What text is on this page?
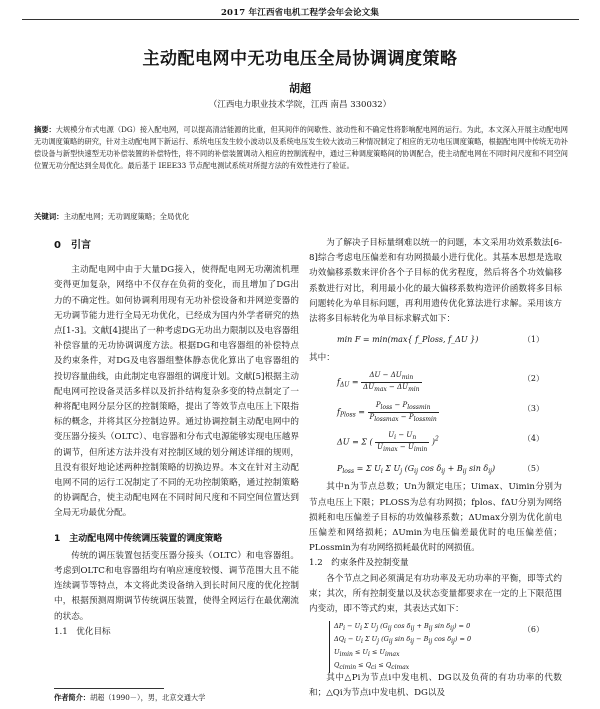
2017 年江西省电机工程学会年会论文集
主动配电网中无功电压全局协调调度策略
胡超
（江西电力职业技术学院，江西 南昌 330032）
摘要：大规模分布式电源（DG）接入配电网，可以提高清洁能源的比重，但其间伴的间歇性、波动性和不确定性将影响配电网的运行。为此，本文深入开展主动配电网无功调度策略的研究，针对主动配电网下新运行、系统电压发生较小波动以及系统电压发生较大波动三种情况制定了相应的无功电压调度策略，根据配电网中传统无功补偿设备与新型快速型无功补偿装置的补偿特性，将不同的补偿装置调动入相应的控制流程中，通过三种调度策略间的协调配合，使主动配电网在不同时间尺度和不同空间位置无功分配达到全局优化。最后基于 IEEE33 节点配电测试系统对所提方法的有效性进行了验证。
关键词：主动配电网；无功调度策略；全局优化
0　引言

主动配电网中由于大量DG接入，使得配电网无功潮流机理变得更加复杂，网络中不仅存在负荷的变化，而且增加了DG出力的不确定性。如何协调利用现有无功补偿设备和并网逆变器的无功调节能力进行全局无功优化，已经成为国内外学者研究的热点[1-3]。文献[4]提出了一种考虑DG无功出力限制以及电容器组补偿容量的无功协调调度方法。根据DG和电容器组的补偿特点及约束条件，对DG及电容器组整体静态优化算出了电容器组的投切容量曲线，由此制定电容器组的调度计划。文献[5]根据主动配电网可控设备灵活多样以及折扑结构复杂多变的特点制定了一种将配电网分层分区的控制策略，提出了等效节点电压上下限指标的概念，并将其区分控制边界。通过协调控制主动配电网中的变压器分接头（OLTC）、电容器和分布式电源能够实现电压越界的调节，但所述方法并没有对控制区域的划分阐述详细的规则，且没有很好地论述两种控制策略的切换边界。本文在针对主动配电网不同的运行工况制定了不同的无功控制策略，通过控制策略的协调配合，使主动配电网在不同时间尺度和不同空间位置达到全局无功最优分配。

1　主动配电网中传统调压装置的调度策略

传统的调压装置包括变压器分接头（OLTC）和电容器组。考虑到OLTC和电容器组均有响应速度较慢、调节范围大且不能连续调节等特点，本文将此类设备纳入到长时间尺度的优化控制中，根据预测周期调节传统调压装置，使得全网运行在最优潮流的状态。

1.1　优化目标

为了解决子目标量纲难以统一的问题，本文采用功效系数法[6-8]综合考虑电压偏差和有功网损最小进行优化。其基本思想是选取功效偏移系数来评价各个子目标的优劣程度，然后将各个功效偏移系数进行对比，利用最小化的最大偏移系数构造评价函数将多目标问题转化为单目标问题，再利用遗传优化算法进行求解。采用该方法将多目标转化为单目标求解式如下：

min F = min(max{ f_Ploss, f_ΔU })	（1）

其中：

$f_{\Delta U} = \frac{\Delta U - \Delta Umin}{\Delta Umax - \Delta Umin}$	（2）
$f_{Ploss} = \frac{\text{Ploss − Plossmin}}{\text{Plossmax − Plossmin}}$	（3）
ΔU = Σ ( $\frac{Ui - Un}{Uimax - Uimin} )^2$	（4）
$P_{loss} = \Sigma$ $U_i$ Σ $U_j$ ($G_{ij}$ $\cos \delta_{ij} + B_{ij}$ $\sin \delta_{ij}$)	（5）

其中n为节点总数；Un为额定电压；Uimax、Uimin分别为节点电压上下限；PLOSS为总有功网损；fplos、fΔU分别为网络损耗和电压偏差子目标的功效偏移系数；ΔUmax分别为优化前电压偏差和网络损耗；ΔUmin为电压偏差最优时的电压偏差值；PLossmin为有功网络损耗最优时的网损值。

1.2　约束条件及控制变量

各个节点之间必须满足有功功率及无功功率的平衡，即等式约束；其次，所有控制变量以及状态变量都要求在一定的上下限范围内变动，即不等式约束，其表达式如下：

ΔPi − Ui Σ Uj (Gij cos δij + Bij sin δij) = 0
ΔQi − Ui Σ Uj (Gij sin δij − Bij cos δij) = 0
Uimin ≤ Ui ≤ Uimax
Qcimin ≤ Qci ≤ Qcimax
（6）

其中△Pi为节点i中发电机、DG以及负荷的有功功率的代数和；△Qi为节点i中发电机、DG以及

作者简介：胡超（1990－），男，北京交通大学
